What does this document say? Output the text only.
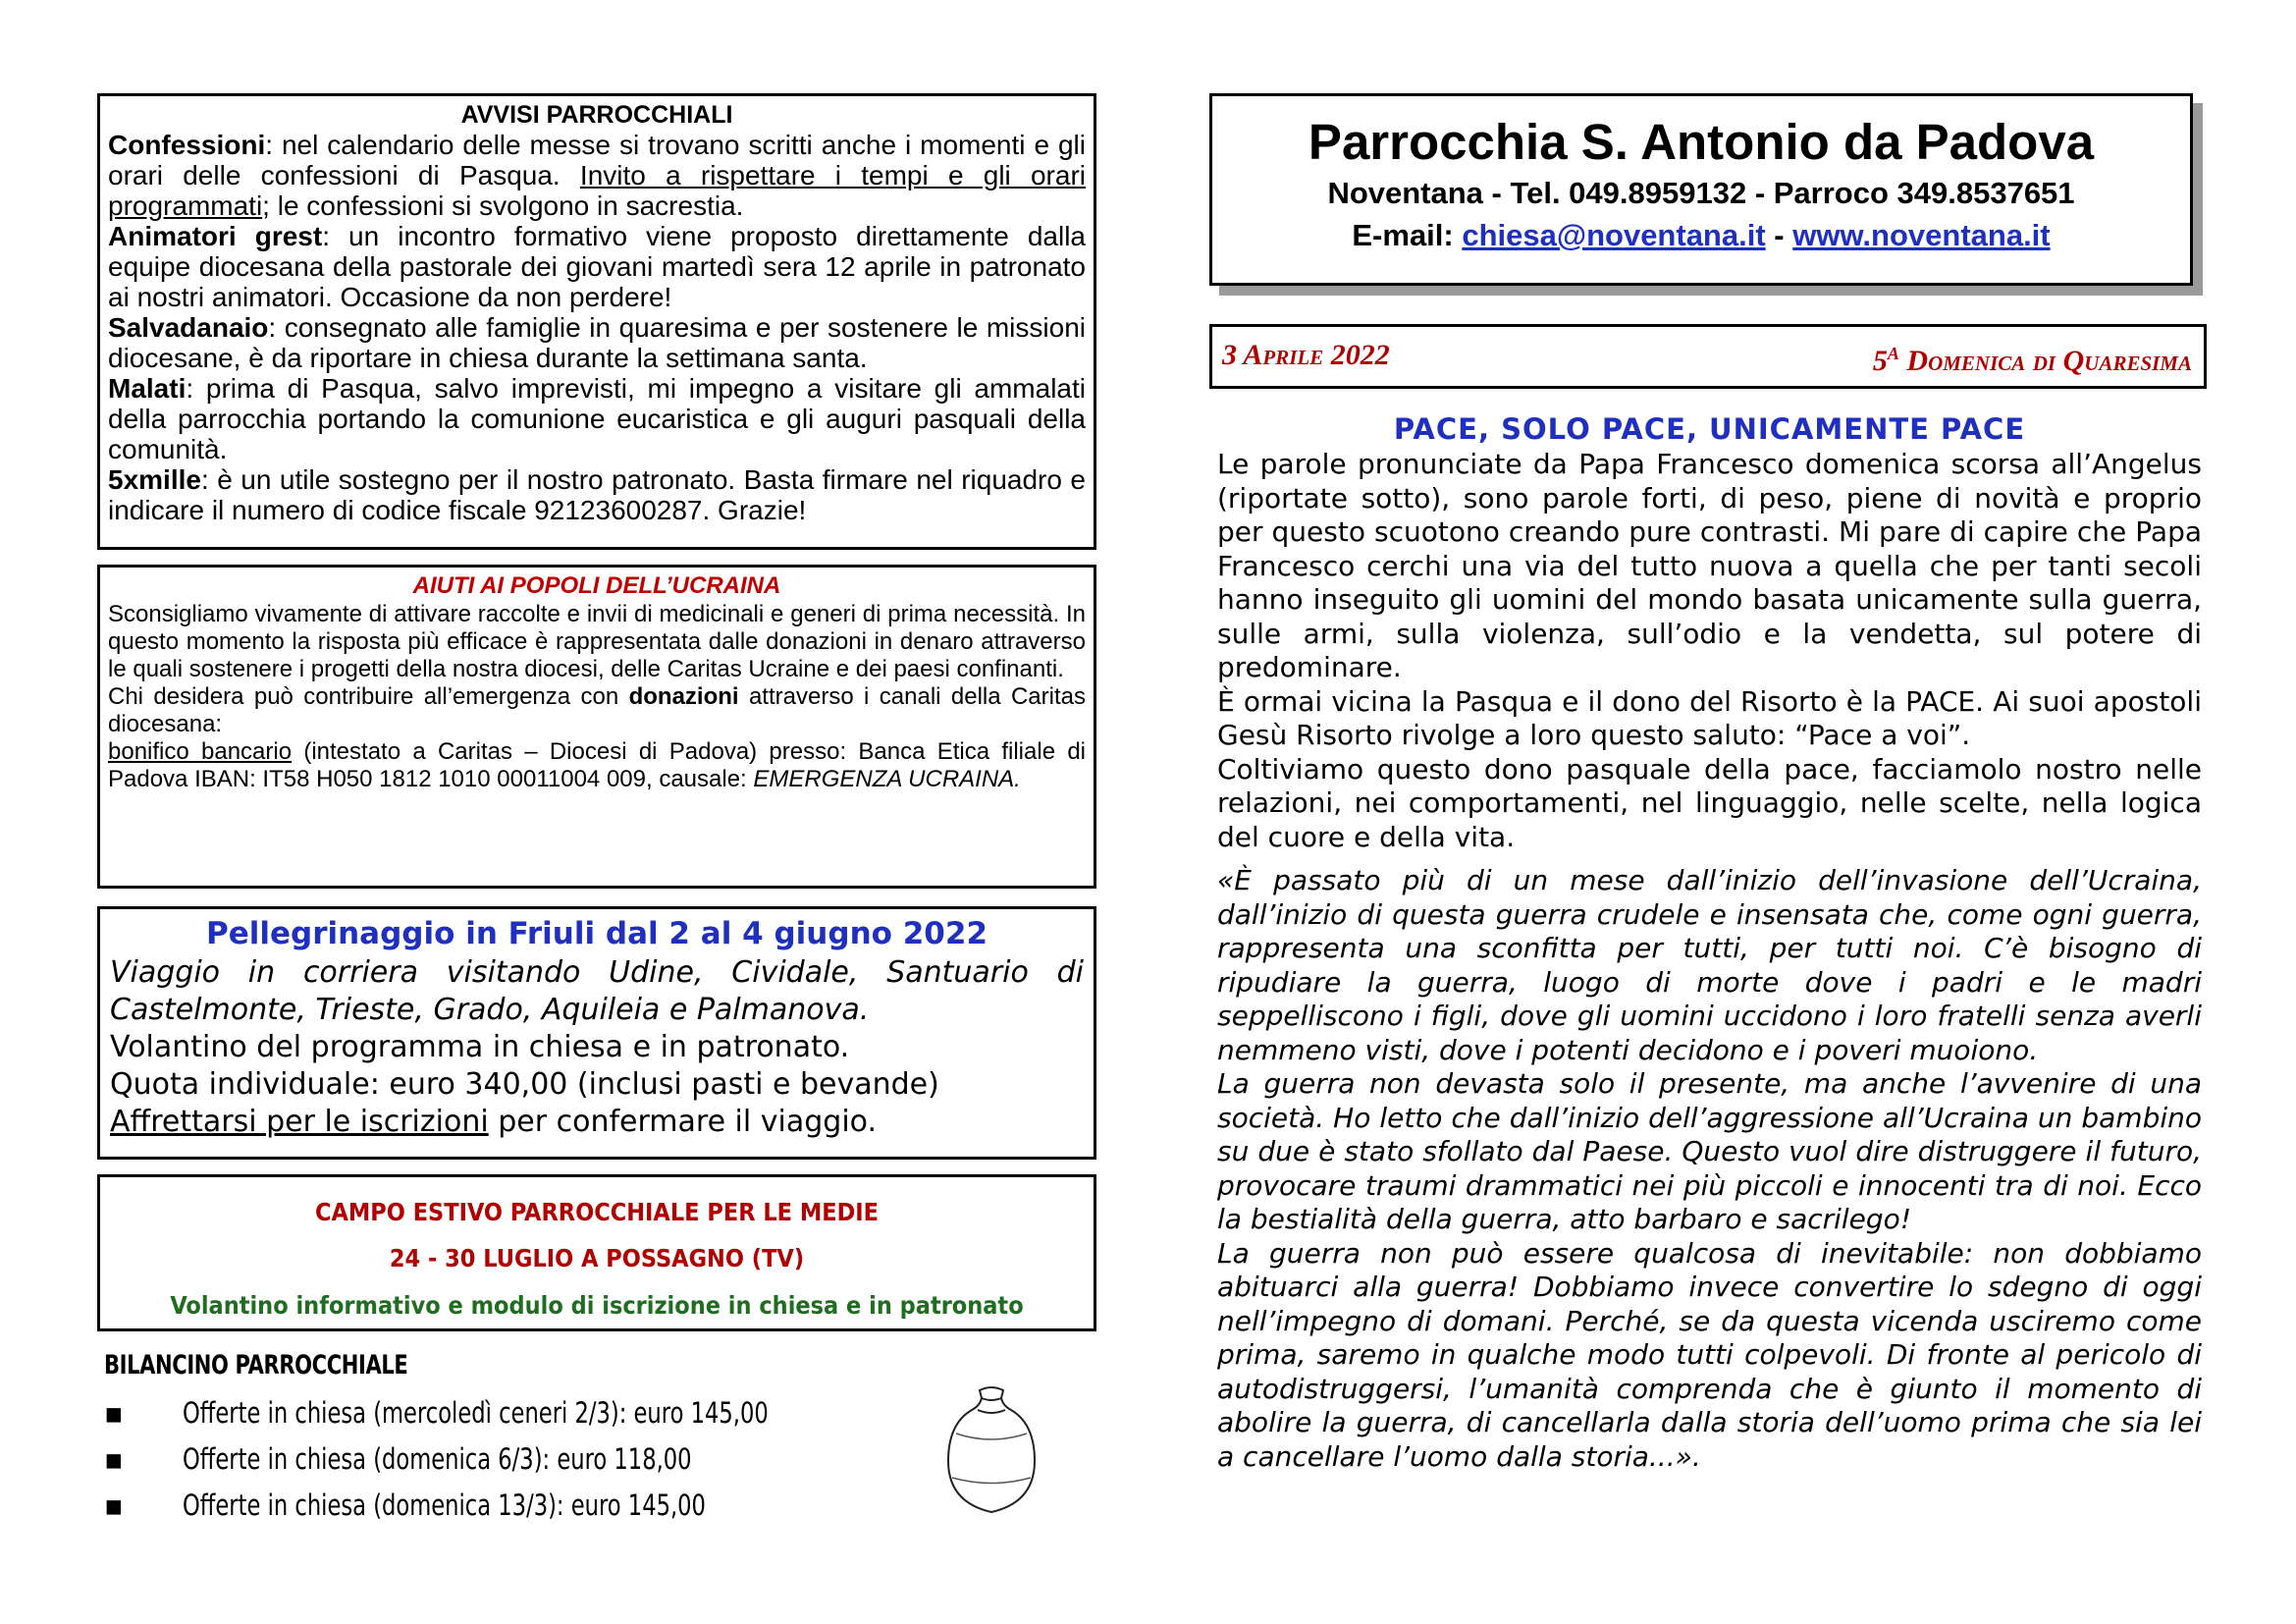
AVVISI PARROCCHIALI

Confessioni: nel calendario delle messe si trovano scritti anche i momenti e gli orari delle confessioni di Pasqua. Invito a rispettare i tempi e gli orari programmati; le confessioni si svolgono in sacrestia.

Animatori grest: un incontro formativo viene proposto direttamente dalla equipe diocesana della pastorale dei giovani martedì sera 12 aprile in patronato ai nostri animatori. Occasione da non perdere!

Salvadanaio: consegnato alle famiglie in quaresima e per sostenere le missioni diocesane, è da riportare in chiesa durante la settimana santa.

Malati: prima di Pasqua, salvo imprevisti, mi impegno a visitare gli ammalati della parrocchia portando la comunione eucaristica e gli auguri pasquali della comunità.

5xmille: è un utile sostegno per il nostro patronato. Basta firmare nel riquadro e indicare il numero di codice fiscale 92123600287. Grazie!

AIUTI AI POPOLI DELL’UCRAINA

Sconsigliamo vivamente di attivare raccolte e invii di medicinali e generi di prima necessità. In questo momento la risposta più efficace è rappresentata dalle donazioni in denaro attraverso le quali sostenere i progetti della nostra diocesi, delle Caritas Ucraine e dei paesi confinanti.

Chi desidera può contribuire all’emergenza con donazioni attraverso i canali della Caritas diocesana:

bonifico bancario (intestato a Caritas – Diocesi di Padova) presso: Banca Etica filiale di Padova IBAN: IT58 H050 1812 1010 00011004 009, causale: EMERGENZA UCRAINA.

Pellegrinaggio in Friuli dal 2 al 4 giugno 2022

Viaggio in corriera visitando Udine, Cividale, Santuario di Castelmonte, Trieste, Grado, Aquileia e Palmanova.

Volantino del programma in chiesa e in patronato.

Quota individuale: euro 340,00 (inclusi pasti e bevande)

Affrettarsi per le iscrizioni per confermare il viaggio.

CAMPO ESTIVO PARROCCHIALE PER LE MEDIE
24 - 30 LUGLIO A POSSAGNO (TV)
Volantino informativo e modulo di iscrizione in chiesa e in patronato
BILANCINO PARROCCHIALE
▪ Offerte in chiesa (mercoledì ceneri 2/3): euro 145,00
▪ Offerte in chiesa (domenica 6/3): euro 118,00
▪ Offerte in chiesa (domenica 13/3): euro 145,00
Parrocchia S. Antonio da Padova
Noventana - Tel. 049.8959132 - Parroco 349.8537651
E-mail: chiesa@noventana.it - www.noventana.it
3 Aprile 2022	5$^a$ Domenica di Quaresima
PACE, SOLO PACE, UNICAMENTE PACE

Le parole pronunciate da Papa Francesco domenica scorsa all’Angelus (riportate sotto), sono parole forti, di peso, piene di novità e proprio per questo scuotono creando pure contrasti. Mi pare di capire che Papa Francesco cerchi una via del tutto nuova a quella che per tanti secoli hanno inseguito gli uomini del mondo basata unicamente sulla guerra, sulle armi, sulla violenza, sull’odio e la vendetta, sul potere di predominare.

È ormai vicina la Pasqua e il dono del Risorto è la PACE. Ai suoi apostoli Gesù Risorto rivolge a loro questo saluto: “Pace a voi”.

Coltiviamo questo dono pasquale della pace, facciamolo nostro nelle relazioni, nei comportamenti, nel linguaggio, nelle scelte, nella logica del cuore e della vita.

«È passato più di un mese dall’inizio dell’invasione dell’Ucraina, dall’inizio di questa guerra crudele e insensata che, come ogni guerra, rappresenta una sconfitta per tutti, per tutti noi. C’è bisogno di ripudiare la guerra, luogo di morte dove i padri e le madri seppelliscono i figli, dove gli uomini uccidono i loro fratelli senza averli nemmeno visti, dove i potenti decidono e i poveri muoiono.

La guerra non devasta solo il presente, ma anche l’avvenire di una società. Ho letto che dall’inizio dell’aggressione all’Ucraina un bambino su due è stato sfollato dal Paese. Questo vuol dire distruggere il futuro, provocare traumi drammatici nei più piccoli e innocenti tra di noi. Ecco la bestialità della guerra, atto barbaro e sacrilego!

La guerra non può essere qualcosa di inevitabile: non dobbiamo abituarci alla guerra! Dobbiamo invece convertire lo sdegno di oggi nell’impegno di domani. Perché, se da questa vicenda usciremo come prima, saremo in qualche modo tutti colpevoli. Di fronte al pericolo di autodistruggersi, l’umanità comprenda che è giunto il momento di abolire la guerra, di cancellarla dalla storia dell’uomo prima che sia lei a cancellare l’uomo dalla storia...».
